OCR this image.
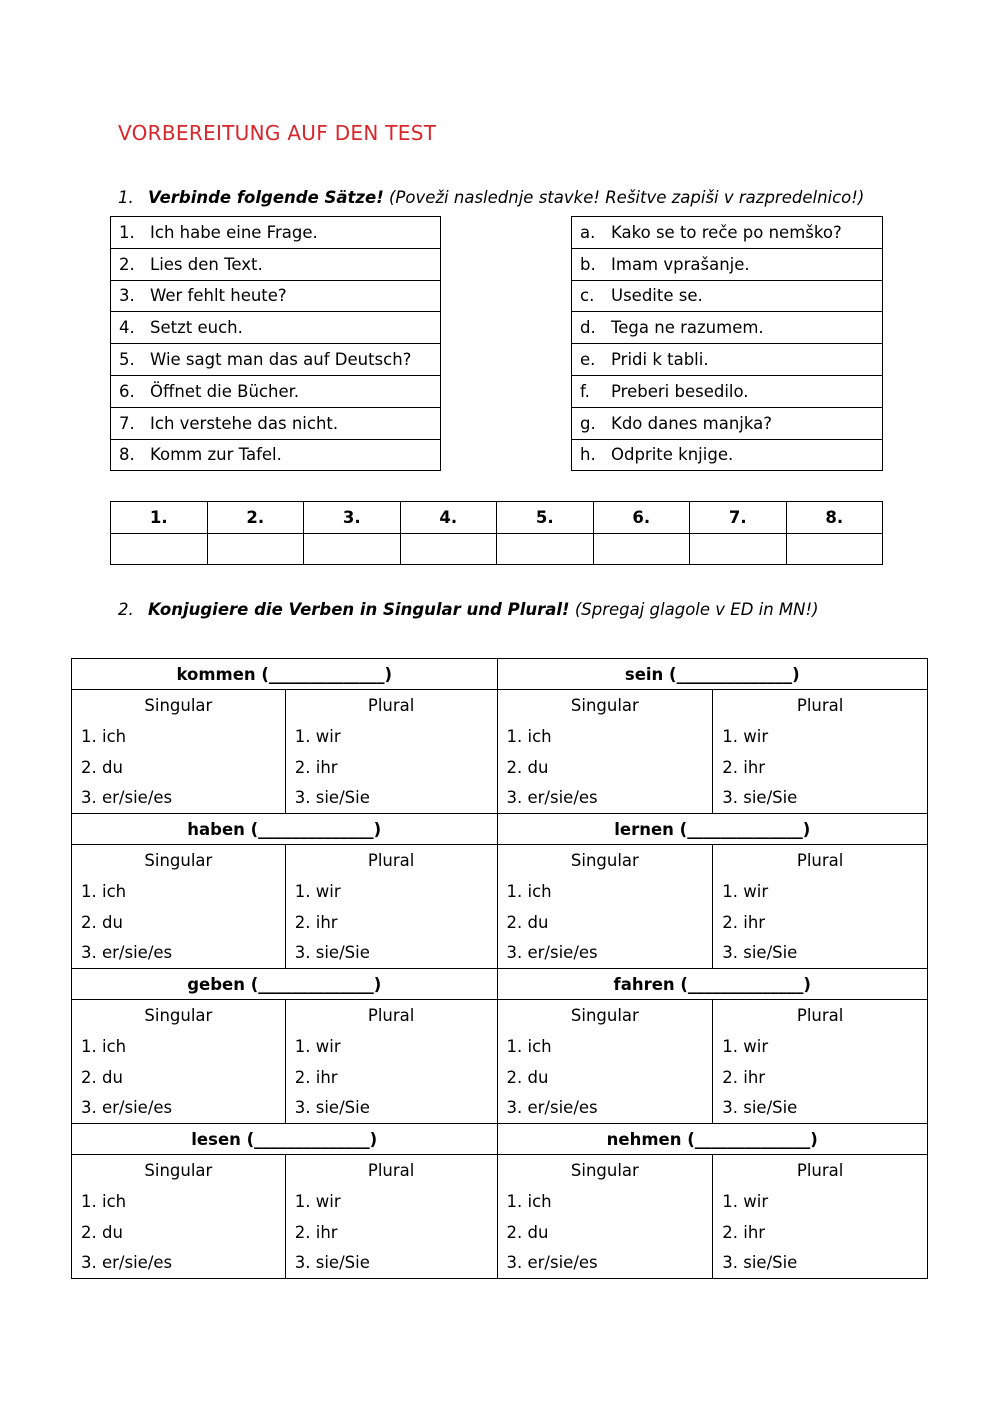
VORBEREITUNG AUF DEN TEST
1. Verbinde folgende Sätze! (Poveži naslednje stavke! Rešitve zapiši v razpredelnico!)
1. Ich habe eine Frage.
2. Lies den Text.
3. Wer fehlt heute?
4. Setzt euch.
5. Wie sagt man das auf Deutsch?
6. Öffnet die Bücher.
7. Ich verstehe das nicht.
8. Komm zur Tafel.
a. Kako se to reče po nemško?
b. Imam vprašanje.
c. Usedite se.
d. Tega ne razumem.
e. Pridi k tabli.
f. Preberi besedilo.
g. Kdo danes manjka?
h. Odprite knjige.
1.	2.	3.	4.	5.	6.	7.	8.

2. Konjugiere die Verben in Singular und Plural! (Spregaj glagole v ED in MN!)
kommen (______________)		sein (______________)	
Singular	Plural	Singular	Plural
1. ich	1. wir	1. ich	1. wir
2. du	2. ihr	2. du	2. ihr
3. er/sie/es	3. sie/Sie	3. er/sie/es	3. sie/Sie
haben (______________)		lernen (______________)	
Singular	Plural	Singular	Plural
1. ich	1. wir	1. ich	1. wir
2. du	2. ihr	2. du	2. ihr
3. er/sie/es	3. sie/Sie	3. er/sie/es	3. sie/Sie
geben (______________)		fahren (______________)	
Singular	Plural	Singular	Plural
1. ich	1. wir	1. ich	1. wir
2. du	2. ihr	2. du	2. ihr
3. er/sie/es	3. sie/Sie	3. er/sie/es	3. sie/Sie
lesen (______________)		nehmen (______________)	
Singular	Plural	Singular	Plural
1. ich	1. wir	1. ich	1. wir
2. du	2. ihr	2. du	2. ihr
3. er/sie/es	3. sie/Sie	3. er/sie/es	3. sie/Sie
